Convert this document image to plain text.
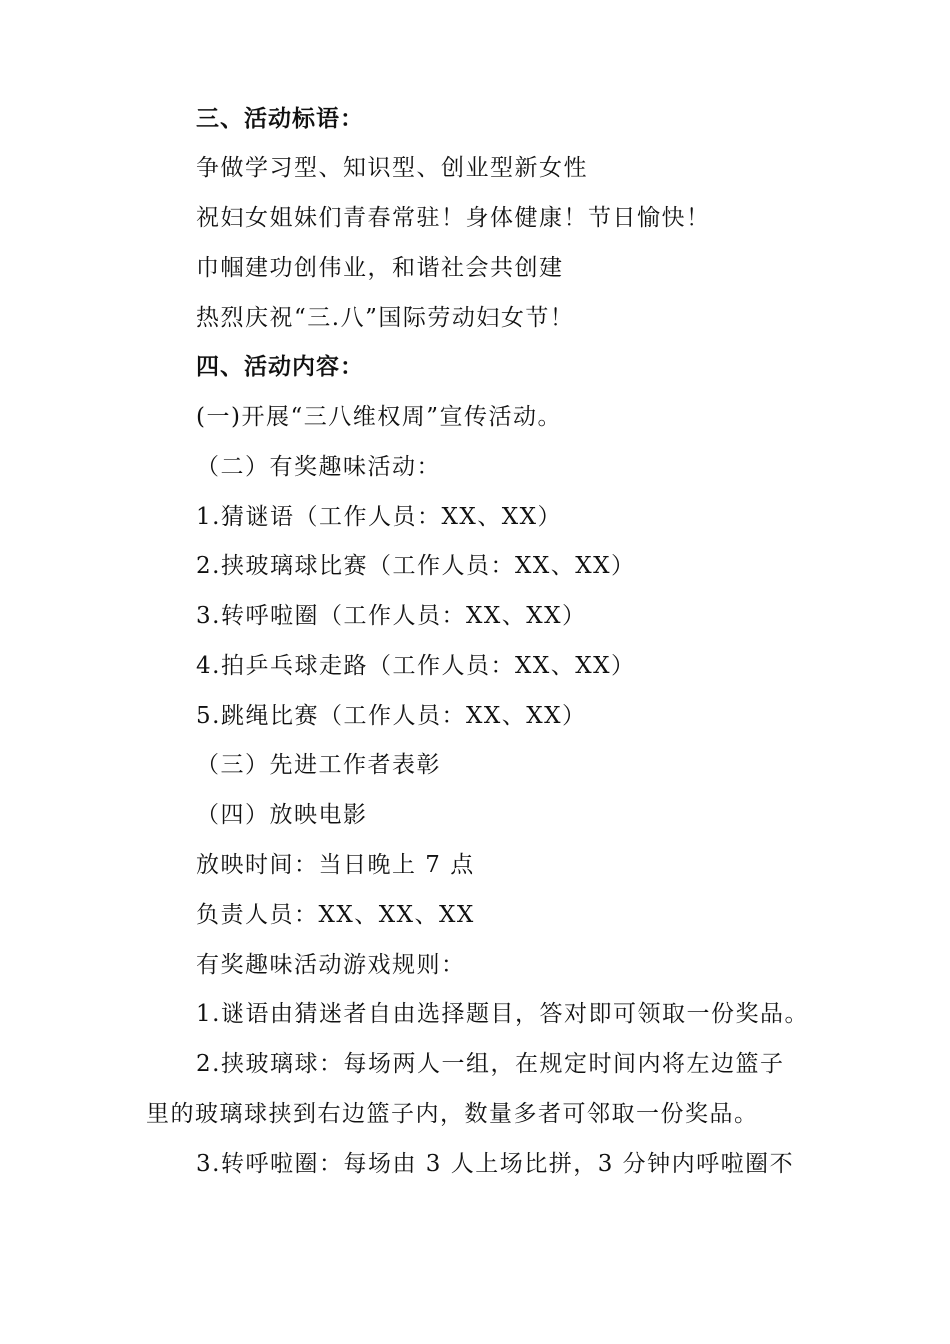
三、活动标语：
争做学习型、知识型、创业型新女性
祝妇女姐妹们青春常驻！身体健康！节日愉快！
巾帼建功创伟业，和谐社会共创建
热烈庆祝“三.八”国际劳动妇女节！
四、活动内容：
(一)开展“三八维权周”宣传活动。
（二）有奖趣味活动：
1.猜谜语（工作人员：XX、XX）
2.挟玻璃球比赛（工作人员：XX、XX）
3.转呼啦圈（工作人员：XX、XX）
4.拍乒乓球走路（工作人员：XX、XX）
5.跳绳比赛（工作人员：XX、XX）
（三）先进工作者表彰
（四）放映电影
放映时间：当日晚上 7 点
负责人员：XX、XX、XX
有奖趣味活动游戏规则：
1.谜语由猜迷者自由选择题目，答对即可领取一份奖品。
2.挟玻璃球：每场两人一组，在规定时间内将左边篮子
里的玻璃球挟到右边篮子内，数量多者可邻取一份奖品。
3.转呼啦圈：每场由 3 人上场比拼，3 分钟内呼啦圈不
